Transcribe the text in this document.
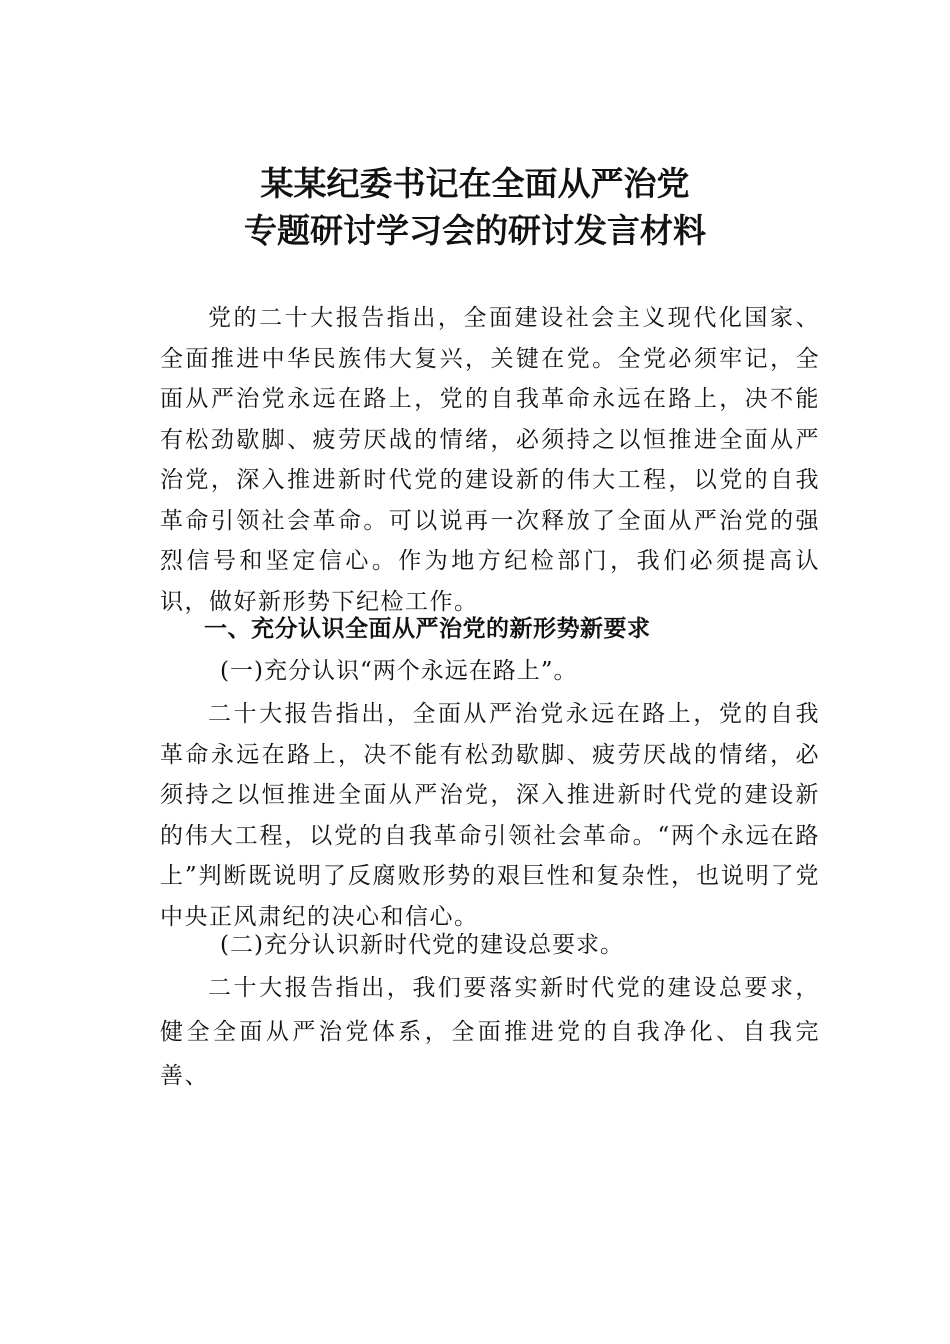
某某纪委书记在全面从严治党
专题研讨学习会的研讨发言材料

党的二十大报告指出，全面建设社会主义现代化国家、全面推进中华民族伟大复兴，关键在党。全党必须牢记，全面从严治党永远在路上，党的自我革命永远在路上，决不能有松劲歇脚、疲劳厌战的情绪，必须持之以恒推进全面从严治党，深入推进新时代党的建设新的伟大工程，以党的自我革命引领社会革命。可以说再一次释放了全面从严治党的强烈信号和坚定信心。作为地方纪检部门，我们必须提高认识，做好新形势下纪检工作。

一、充分认识全面从严治党的新形势新要求

(一)充分认识“两个永远在路上”。

二十大报告指出，全面从严治党永远在路上，党的自我革命永远在路上，决不能有松劲歇脚、疲劳厌战的情绪，必须持之以恒推进全面从严治党，深入推进新时代党的建设新的伟大工程，以党的自我革命引领社会革命。“两个永远在路上”判断既说明了反腐败形势的艰巨性和复杂性，也说明了党中央正风肃纪的决心和信心。

(二)充分认识新时代党的建设总要求。

二十大报告指出，我们要落实新时代党的建设总要求，健全全面从严治党体系，全面推进党的自我净化、自我完善、
